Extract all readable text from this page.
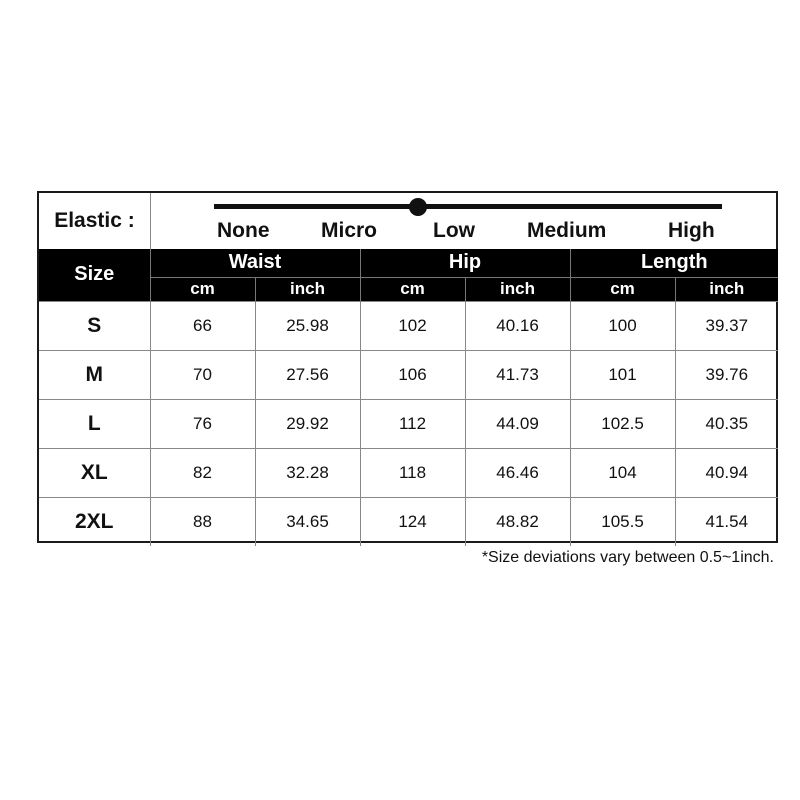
Elastic :	None Micro	Low Medium	High
Size	Waist		Hip		Length	
	cm	inch	cm	inch	cm	inch
S	66	25.98	102	40.16	100	39.37
M	70	27.56	106	41.73	101	39.76
L	76	29.92	112	44.09	102.5	40.35
XL	82	32.28	118	46.46	104	40.94
2XL	88	34.65	124	48.82	105.5	41.54
*Size deviations vary between 0.5~1inch.
